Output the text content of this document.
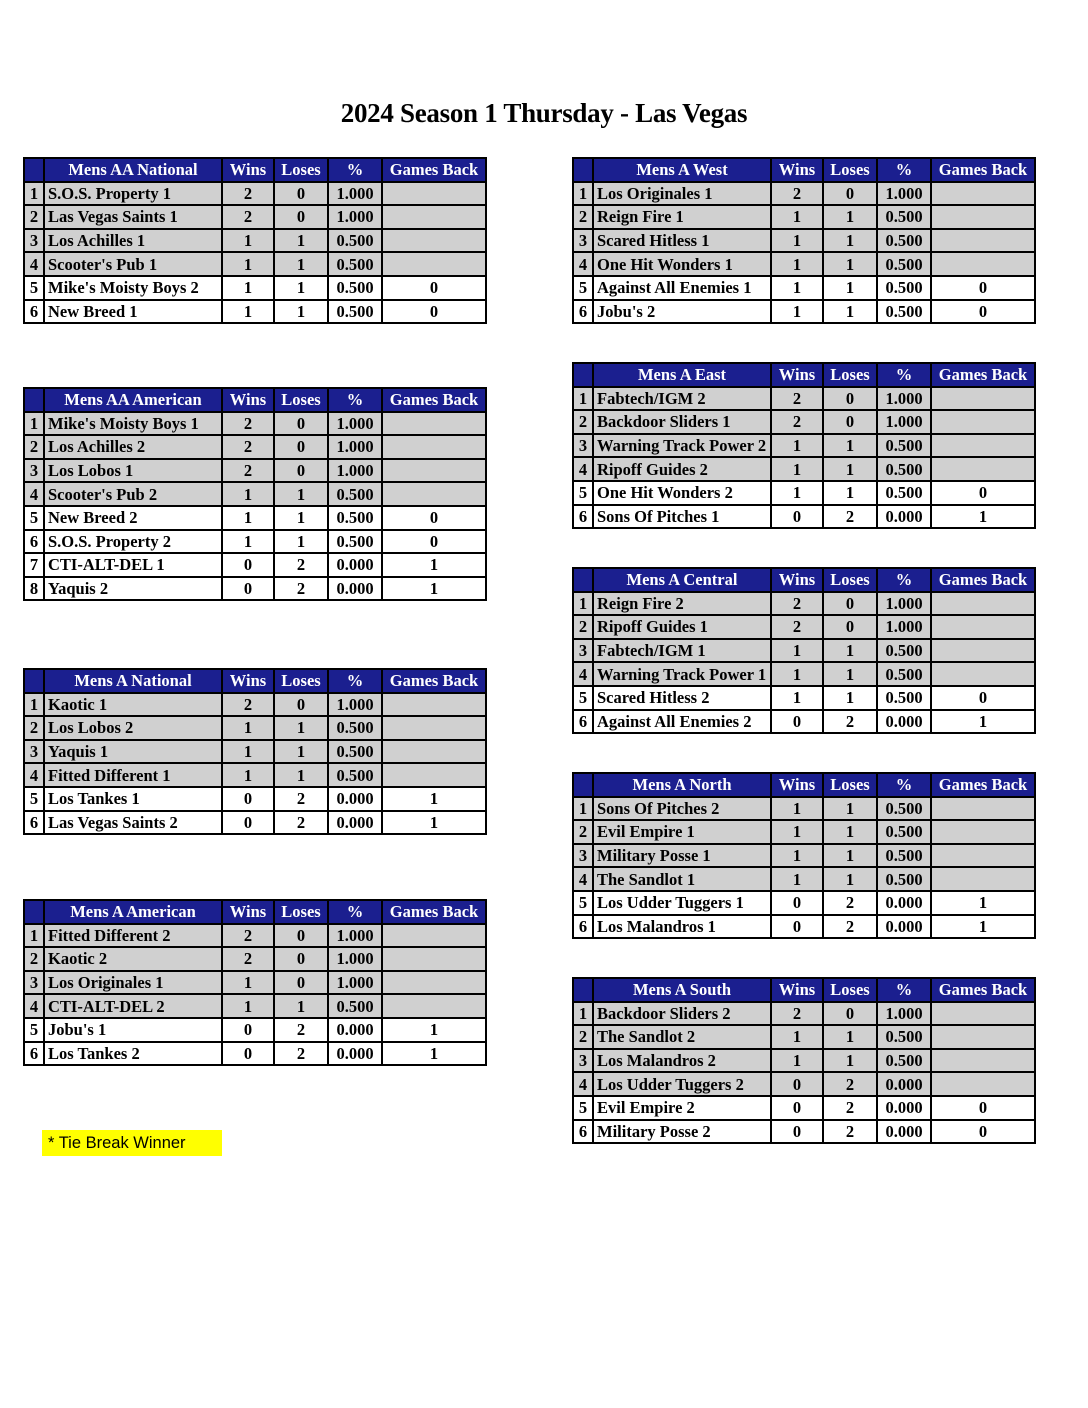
2024 Season 1 Thursday - Las Vegas
	Mens AA National	Wins	Loses	%	Games Back
1	S.O.S. Property 1	2	0	1.000	
2	Las Vegas Saints 1	2	0	1.000	
3	Los Achilles 1	1	1	0.500	
4	Scooter's Pub 1	1	1	0.500	
5	Mike's Moisty Boys 2	1	1	0.500	0
6	New Breed 1	1	1	0.500	0
	Mens AA American	Wins	Loses	%	Games Back
1	Mike's Moisty Boys 1	2	0	1.000	
2	Los Achilles 2	2	0	1.000	
3	Los Lobos 1	2	0	1.000	
4	Scooter's Pub 2	1	1	0.500	
5	New Breed 2	1	1	0.500	0
6	S.O.S. Property 2	1	1	0.500	0
7	CTI-ALT-DEL 1	0	2	0.000	1
8	Yaquis 2	0	2	0.000	1
	Mens A National	Wins	Loses	%	Games Back
1	Kaotic 1	2	0	1.000	
2	Los Lobos 2	1	1	0.500	
3	Yaquis 1	1	1	0.500	
4	Fitted Different 1	1	1	0.500	
5	Los Tankes 1	0	2	0.000	1
6	Las Vegas Saints 2	0	2	0.000	1
	Mens A American	Wins	Loses	%	Games Back
1	Fitted Different 2	2	0	1.000	
2	Kaotic 2	2	0	1.000	
3	Los Originales 1	1	0	1.000	
4	CTI-ALT-DEL 2	1	1	0.500	
5	Jobu's 1	0	2	0.000	1
6	Los Tankes 2	0	2	0.000	1
	Mens A West	Wins	Loses	%	Games Back
1	Los Originales 1	2	0	1.000	
2	Reign Fire 1	1	1	0.500	
3	Scared Hitless 1	1	1	0.500	
4	One Hit Wonders 1	1	1	0.500	
5	Against All Enemies 1	1	1	0.500	0
6	Jobu's 2	1	1	0.500	0
	Mens A East	Wins	Loses	%	Games Back
1	Fabtech/IGM 2	2	0	1.000	
2	Backdoor Sliders 1	2	0	1.000	
3	Warning Track Power 2	1	1	0.500	
4	Ripoff Guides 2	1	1	0.500	
5	One Hit Wonders 2	1	1	0.500	0
6	Sons Of Pitches 1	0	2	0.000	1
	Mens A Central	Wins	Loses	%	Games Back
1	Reign Fire 2	2	0	1.000	
2	Ripoff Guides 1	2	0	1.000	
3	Fabtech/IGM 1	1	1	0.500	
4	Warning Track Power 1	1	1	0.500	
5	Scared Hitless 2	1	1	0.500	0
6	Against All Enemies 2	0	2	0.000	1
	Mens A North	Wins	Loses	%	Games Back
1	Sons Of Pitches 2	1	1	0.500	
2	Evil Empire 1	1	1	0.500	
3	Military Posse 1	1	1	0.500	
4	The Sandlot 1	1	1	0.500	
5	Los Udder Tuggers 1	0	2	0.000	1
6	Los Malandros 1	0	2	0.000	1
	Mens A South	Wins	Loses	%	Games Back
1	Backdoor Sliders 2	2	0	1.000	
2	The Sandlot 2	1	1	0.500	
3	Los Malandros 2	1	1	0.500	
4	Los Udder Tuggers 2	0	2	0.000	
5	Evil Empire 2	0	2	0.000	0
6	Military Posse 2	0	2	0.000	0
* Tie Break Winner
